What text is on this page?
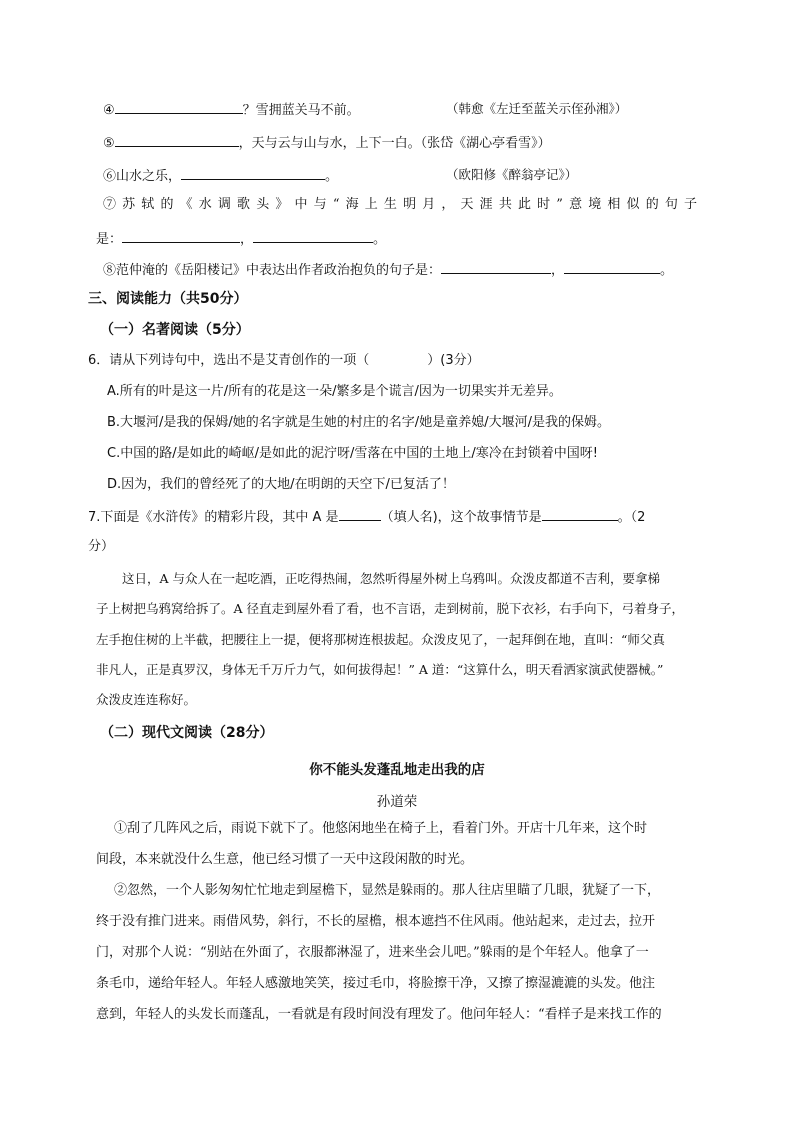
④	？雪拥蓝关马不前。	（韩愈《左迁至蓝关示侄孙湘》）
⑤	，天与云与山与水，上下一白。（张岱《湖心亭看雪》）
⑥山水之乐，	。	（欧阳修《醉翁亭记》）
⑦苏轼的《水调歌头》中与“海上生明月，天涯共此时”意境相似的句子
是：	，	。
⑧范仲淹的《岳阳楼记》中表达出作者政治抱负的句子是：	，	。
三、阅读能力（共50分）
（一）名著阅读（5分）
6．请从下列诗句中，选出不是艾青创作的一项（	）(3分）
A.所有的叶是这一片/所有的花是这一朵/繁多是个谎言/因为一切果实并无差异。
B.大堰河/是我的保姆/她的名字就是生她的村庄的名字/她是童养媳/大堰河/是我的保姆。
C.中国的路/是如此的崎岖/是如此的泥泞呀/雪落在中国的土地上/寒冷在封锁着中国呀!
D.因为，我们的曾经死了的大地/在明朗的天空下/已复活了！
7.下面是《水浒传》的精彩片段，其中 A 是	（填人名)，这个故事情节是	。（2
分）
这日，A 与众人在一起吃酒，正吃得热闹，忽然听得屋外树上乌鸦叫。众泼皮都道不吉利，要拿梯
子上树把乌鸦窝给拆了。A 径直走到屋外看了看，也不言语，走到树前，脱下衣衫，右手向下，弓着身子，
左手抱住树的上半截，把腰往上一提，便将那树连根拔起。众泼皮见了，一起拜倒在地，直叫：“师父真
非凡人，正是真罗汉，身体无千万斤力气，如何拔得起！” A 道：“这算什么，明天看洒家演武使器械。”
众泼皮连连称好。
（二）现代文阅读（28分）
你不能头发蓬乱地走出我的店
孙道荣
①刮了几阵风之后，雨说下就下了。他悠闲地坐在椅子上，看着门外。开店十几年来，这个时
间段，本来就没什么生意，他已经习惯了一天中这段闲散的时光。
②忽然，一个人影匆匆忙忙地走到屋檐下，显然是躲雨的。那人往店里瞄了几眼，犹疑了一下，
终于没有推门进来。雨借风势，斜行，不长的屋檐，根本遮挡不住风雨。他站起来，走过去，拉开
门，对那个人说：“别站在外面了，衣服都淋湿了，进来坐会儿吧。”躲雨的是个年轻人。他拿了一
条毛巾，递给年轻人。年轻人感激地笑笑，接过毛巾，将脸擦干净，又擦了擦湿漉漉的头发。他注
意到，年轻人的头发长而蓬乱，一看就是有段时间没有理发了。他问年轻人：“看样子是来找工作的
